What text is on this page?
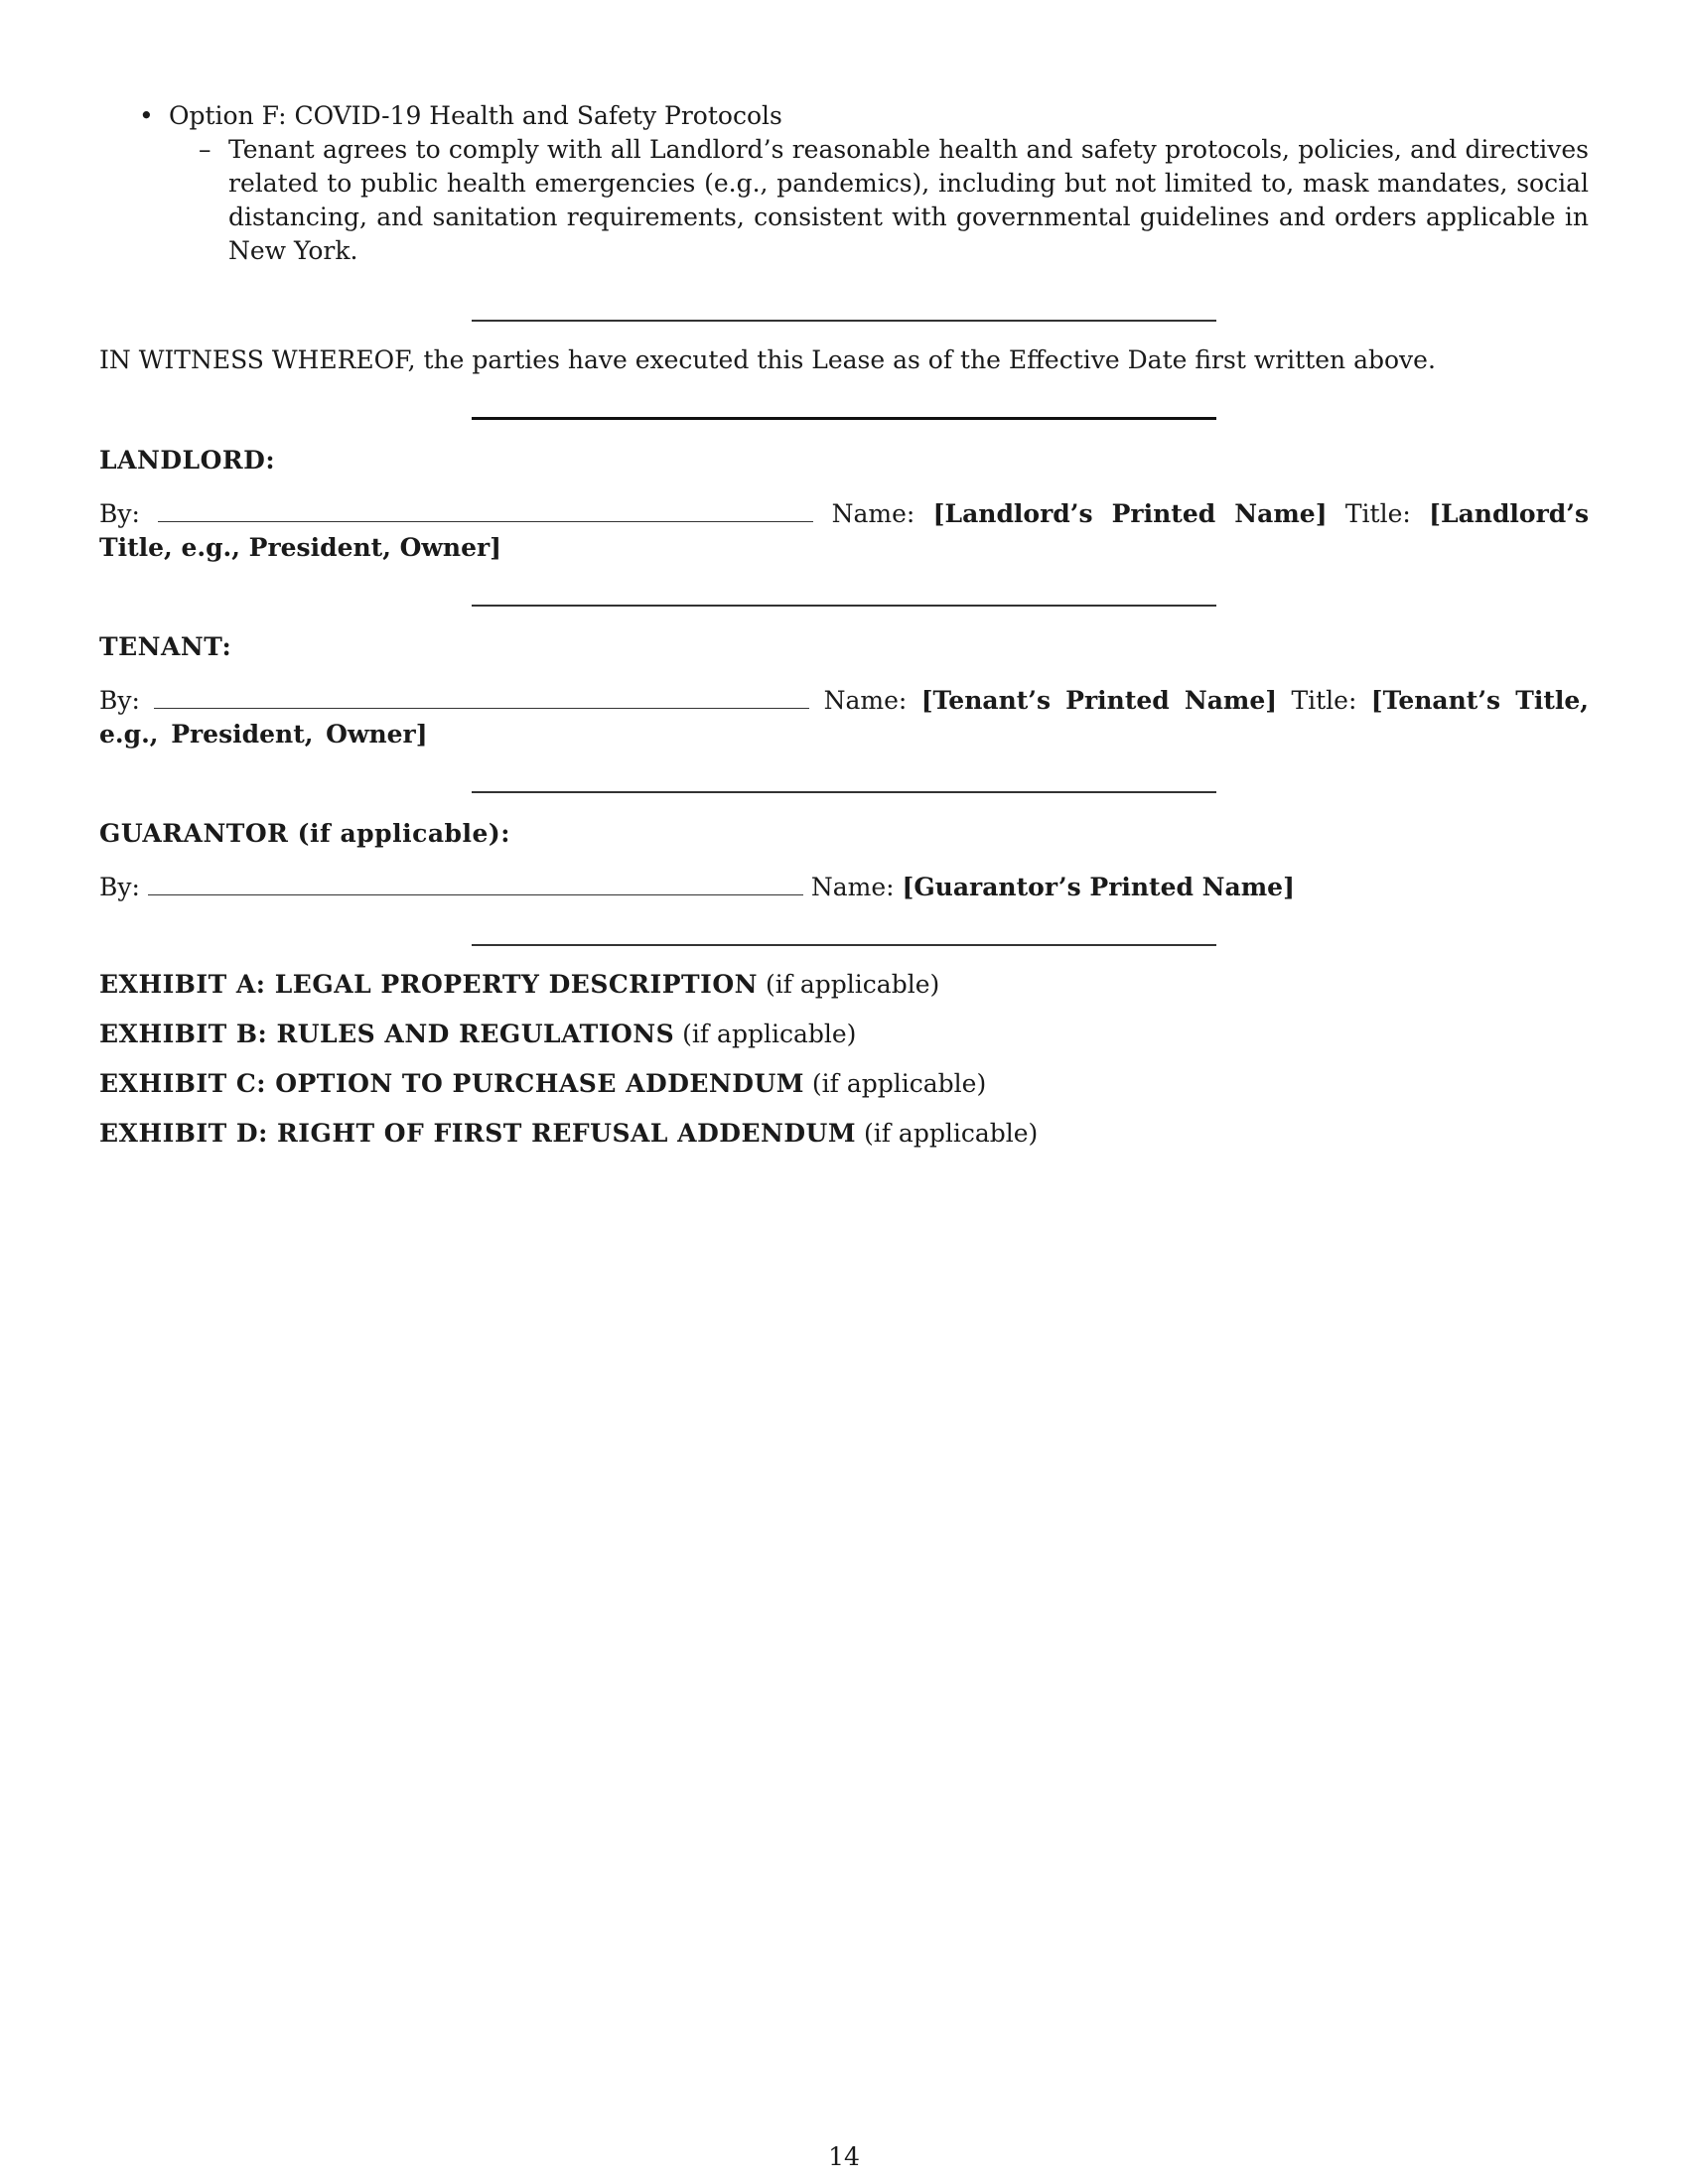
• Option F: COVID-19 Health and Safety Protocols
– Tenant agrees to comply with all Landlord’s reasonable health and safety protocols, policies, and directives related to public health emergencies (e.g., pandemics), including but not limited to, mask mandates, social distancing, and sanitation requirements, consistent with governmental guidelines and orders applicable in New York.

IN WITNESS WHEREOF, the parties have executed this Lease as of the Effective Date first written above.

LANDLORD:
By:	Name: [Landlord’s Printed Name] Title: [Landlord’s Title, e.g., President, Owner]
TENANT:
By:	Name: [Tenant’s Printed Name] Title: [Tenant’s Title, e.g., President, Owner]
GUARANTOR (if applicable):
By:	Name: [Guarantor’s Printed Name]
EXHIBIT A: LEGAL PROPERTY DESCRIPTION (if applicable)
EXHIBIT B: RULES AND REGULATIONS (if applicable)
EXHIBIT C: OPTION TO PURCHASE ADDENDUM (if applicable)
EXHIBIT D: RIGHT OF FIRST REFUSAL ADDENDUM (if applicable)
14
